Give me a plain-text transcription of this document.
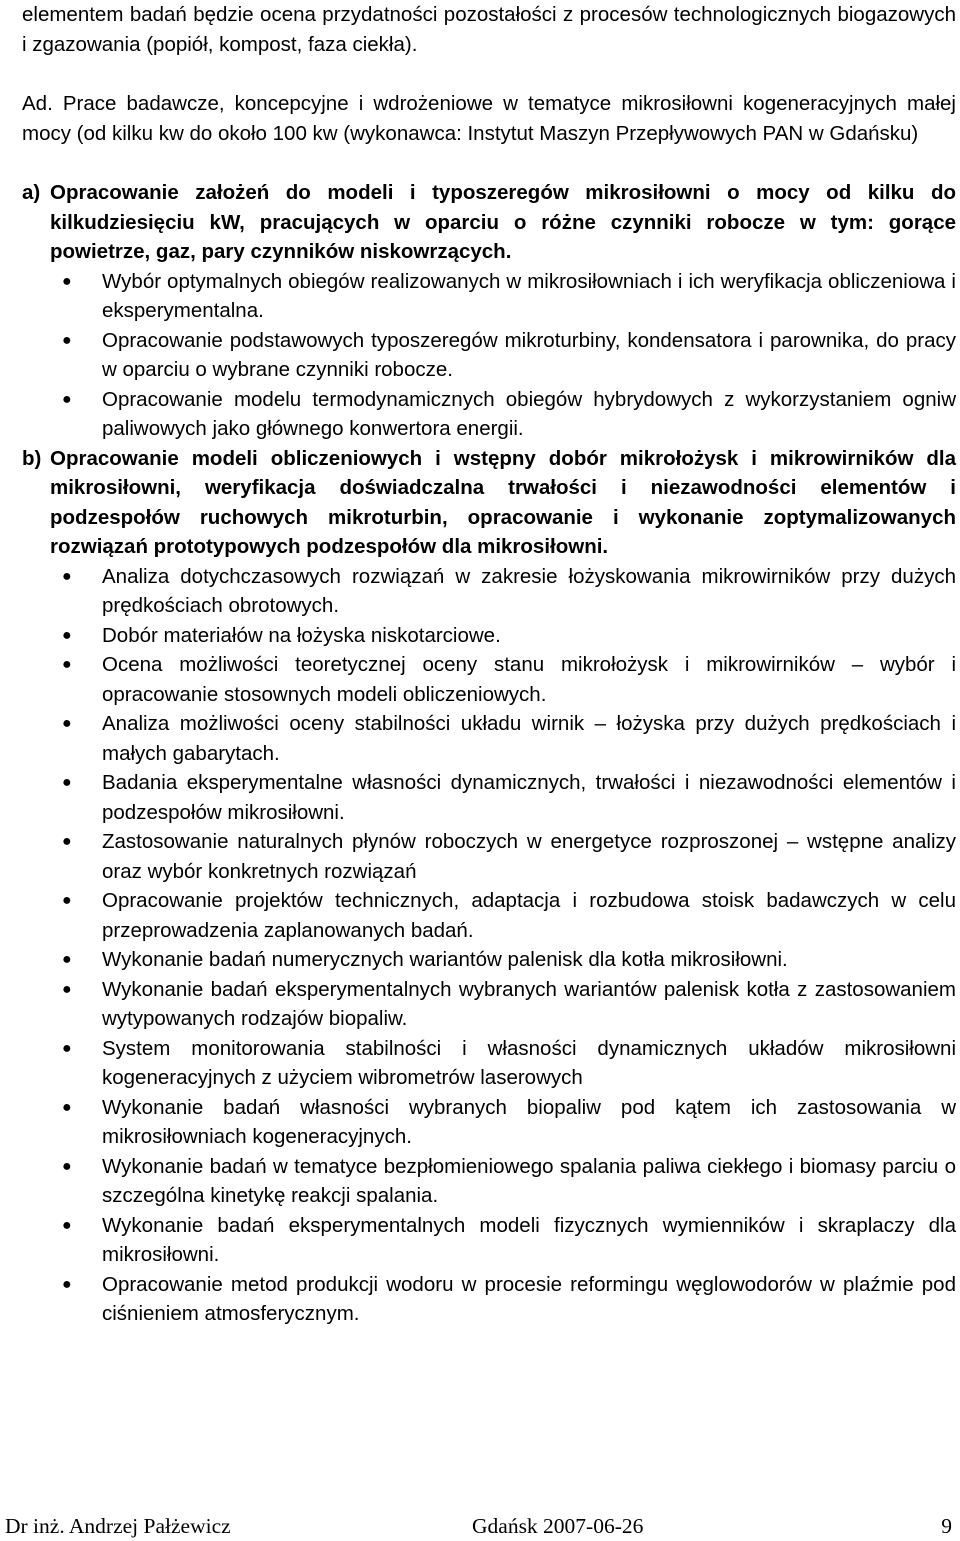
elementem badań będzie ocena przydatności pozostałości z procesów technologicznych biogazowych i zgazowania (popiół, kompost, faza ciekła).

Ad. Prace badawcze, koncepcyjne i wdrożeniowe w tematyce mikrosiłowni kogeneracyjnych małej mocy (od kilku kw do około 100 kw (wykonawca: Instytut Maszyn Przepływowych PAN w Gdańsku)

a) Opracowanie założeń do modeli i typoszeregów mikrosiłowni o mocy od kilku do kilkudziesięciu kW, pracujących w oparciu o różne czynniki robocze w tym: gorące powietrze, gaz, pary czynników niskowrzących.
● Wybór optymalnych obiegów realizowanych w mikrosiłowniach i ich weryfikacja obliczeniowa i eksperymentalna.
● Opracowanie podstawowych typoszeregów mikroturbiny, kondensatora i parownika, do pracy w oparciu o wybrane czynniki robocze.
● Opracowanie modelu termodynamicznych obiegów hybrydowych z wykorzystaniem ogniw paliwowych jako głównego konwertora energii.
b) Opracowanie modeli obliczeniowych i wstępny dobór mikrołożysk i mikrowirników dla mikrosiłowni, weryfikacja doświadczalna trwałości i niezawodności elementów i podzespołów ruchowych mikroturbin, opracowanie i wykonanie zoptymalizowanych rozwiązań prototypowych podzespołów dla mikrosiłowni.
● Analiza dotychczasowych rozwiązań w zakresie łożyskowania mikrowirników przy dużych prędkościach obrotowych.
● Dobór materiałów na łożyska niskotarciowe.
● Ocena możliwości teoretycznej oceny stanu mikrołożysk i mikrowirników – wybór i opracowanie stosownych modeli obliczeniowych.
● Analiza możliwości oceny stabilności układu wirnik – łożyska przy dużych prędkościach i małych gabarytach.
● Badania eksperymentalne własności dynamicznych, trwałości i niezawodności elementów i podzespołów mikrosiłowni.
● Zastosowanie naturalnych płynów roboczych w energetyce rozproszonej – wstępne analizy oraz wybór konkretnych rozwiązań
● Opracowanie projektów technicznych, adaptacja i rozbudowa stoisk badawczych w celu przeprowadzenia zaplanowanych badań.
● Wykonanie badań numerycznych wariantów palenisk dla kotła mikrosiłowni.
● Wykonanie badań eksperymentalnych wybranych wariantów palenisk kotła z zastosowaniem wytypowanych rodzajów biopaliw.
● System monitorowania stabilności i własności dynamicznych układów mikrosiłowni kogeneracyjnych z użyciem wibrometrów laserowych
● Wykonanie badań własności wybranych biopaliw pod kątem ich zastosowania w mikrosiłowniach kogeneracyjnych.
● Wykonanie badań w tematyce bezpłomieniowego spalania paliwa ciekłego i biomasy parciu o szczególna kinetykę reakcji spalania.
● Wykonanie badań eksperymentalnych modeli fizycznych wymienników i skraplaczy dla mikrosiłowni.
● Opracowanie metod produkcji wodoru w procesie reformingu węglowodorów w plaźmie pod ciśnieniem atmosferycznym.
Dr inż. Andrzej Pałżewicz	Gdańsk 2007-06-26	9
